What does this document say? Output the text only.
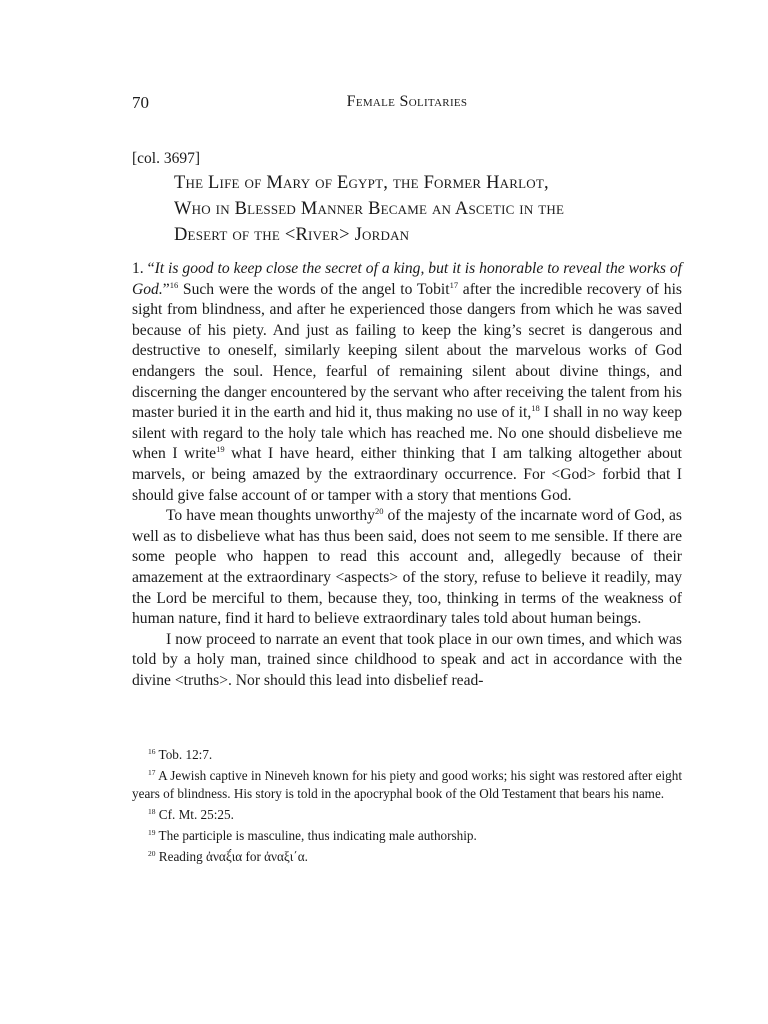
70	Female Solitaries
[col. 3697]
The Life of Mary of Egypt, the Former Harlot,
Who in Blessed Manner Became an Ascetic in the
Desert of the <River> Jordan

1. “It is good to keep close the secret of a king, but it is honorable to reveal the works of God.”$^{16}$ Such were the words of the angel to Tobit$^{17}$ after the incredible recovery of his sight from blindness, and after he experienced those dangers from which he was saved because of his piety. And just as failing to keep the king’s secret is dangerous and destructive to oneself, similarly keeping silent about the marvelous works of God endangers the soul. Hence, fearful of remaining silent about divine things, and discerning the danger encountered by the servant who after receiving the talent from his master buried it in the earth and hid it, thus making no use of it,$^{18}$ I shall in no way keep silent with regard to the holy tale which has reached me. No one should disbelieve me when I write$^{19}$ what I have heard, either thinking that I am talking altogether about marvels, or being amazed by the extraordinary occurrence. For <God> forbid that I should give false account of or tamper with a story that mentions God.

To have mean thoughts unworthy$^{20}$ of the majesty of the incarnate word of God, as well as to disbelieve what has thus been said, does not seem to me sensible. If there are some people who happen to read this account and, allegedly because of their amazement at the extraordinary <aspects> of the story, refuse to believe it readily, may the Lord be merciful to them, because they, too, thinking in terms of the weakness of human nature, find it hard to believe extraordinary tales told about human beings.

I now proceed to narrate an event that took place in our own times, and which was told by a holy man, trained since childhood to speak and act in accordance with the divine <truths>. Nor should this lead into disbelief read-

$^{16}$ Tob. 12:7.

$^{17}$ A Jewish captive in Nineveh known for his piety and good works; his sight was restored after eight years of blindness. His story is told in the apocryphal book of the Old Testament that bears his name.

$^{18}$ Cf. Mt. 25:25.

$^{19}$ The participle is masculine, thus indicating male authorship.

$^{20}$ Reading ἀναξ́ια for ἀναξι΄α.
